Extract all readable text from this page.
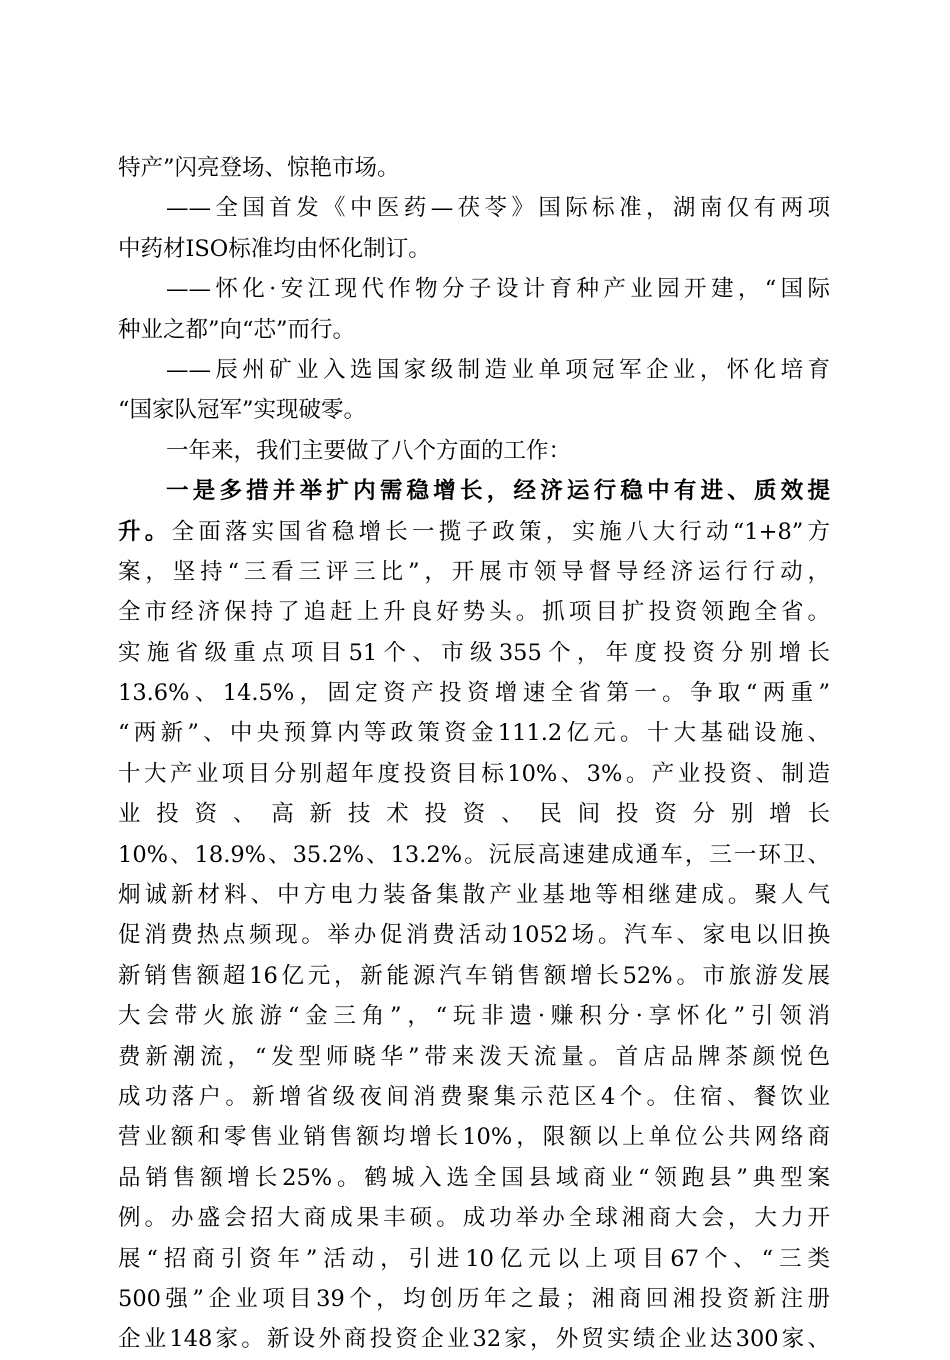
特产”闪亮登场、惊艳市场。
——全国首发《中医药—茯苓》国际标准，湖南仅有两项
中药材ISO标准均由怀化制订。
——怀化·安江现代作物分子设计育种产业园开建，“国际
种业之都”向“芯”而行。
——辰州矿业入选国家级制造业单项冠军企业，怀化培育
“国家队冠军”实现破零。
一年来，我们主要做了八个方面的工作：
一是多措并举扩内需稳增长，经济运行稳中有进、质效提
升。全面落实国省稳增长一揽子政策，实施八大行动“1+8”方
案，坚持“三看三评三比”，开展市领导督导经济运行行动，
全市经济保持了追赶上升良好势头。抓项目扩投资领跑全省。
实施省级重点项目51个、市级355个，年度投资分别增长
13.6%、14.5%，固定资产投资增速全省第一。争取“两重”
“两新”、中央预算内等政策资金111.2亿元。十大基础设施、
十大产业项目分别超年度投资目标10%、3%。产业投资、制造
业投资、高新技术投资、民间投资分别增长
10%、18.9%、35.2%、13.2%。沅辰高速建成通车，三一环卫、
炯诚新材料、中方电力装备集散产业基地等相继建成。聚人气
促消费热点频现。举办促消费活动1052场。汽车、家电以旧换
新销售额超16亿元，新能源汽车销售额增长52%。市旅游发展
大会带火旅游“金三角”，“玩非遗·赚积分·享怀化”引领消
费新潮流，“发型师晓华”带来泼天流量。首店品牌茶颜悦色
成功落户。新增省级夜间消费聚集示范区4个。住宿、餐饮业
营业额和零售业销售额均增长10%，限额以上单位公共网络商
品销售额增长25%。鹤城入选全国县域商业“领跑县”典型案
例。办盛会招大商成果丰硕。成功举办全球湘商大会，大力开
展“招商引资年”活动，引进10亿元以上项目67个、“三类
500强”企业项目39个，均创历年之最；湘商回湘投资新注册
企业148家。新设外商投资企业32家，外贸实绩企业达300家、
